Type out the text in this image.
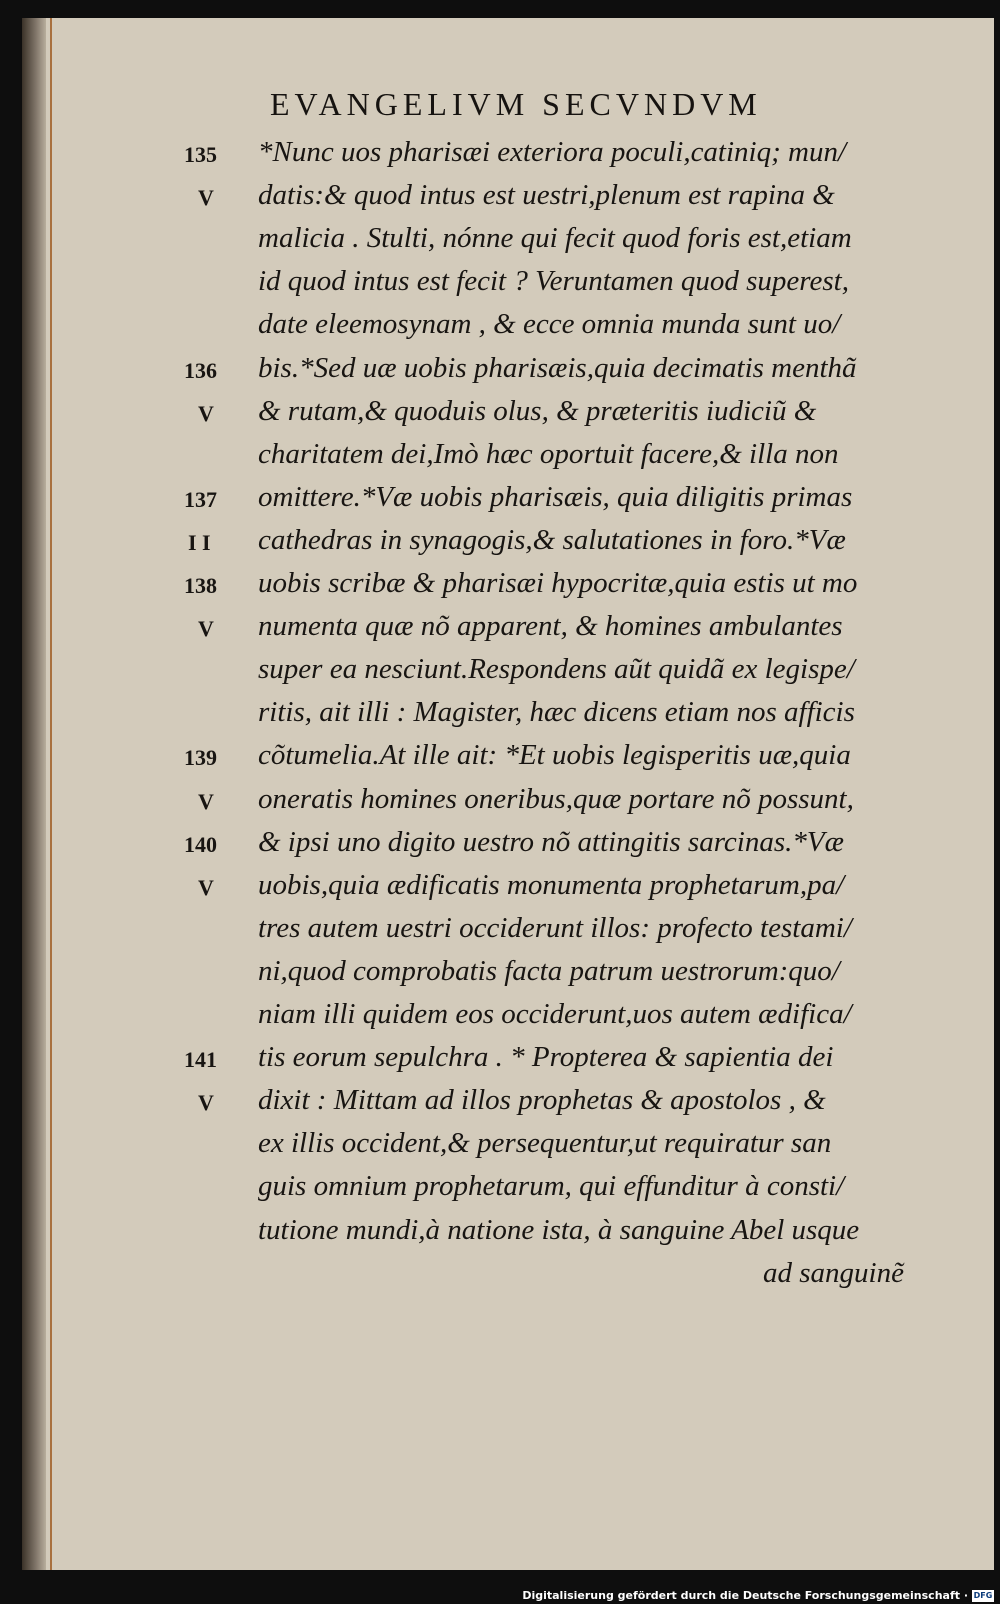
EVANGELIVM SECVNDVM
*Nunc uos pharisæi exteriora poculi,catiniq; mun/
datis:& quod intus est uestri,plenum est rapina &
malicia . Stulti, nónne qui fecit quod foris est,etiam
id quod intus est fecit ? Veruntamen quod superest,
date eleemosynam , & ecce omnia munda sunt uo/
bis.*Sed uæ uobis pharisæis,quia decimatis menthã
& rutam,& quoduis olus, & præteritis iudiciũ &
charitatem dei,Imò hæc oportuit facere,& illa non
omittere.*Væ uobis pharisæis, quia diligitis primas
cathedras in synagogis,& salutationes in foro.*Væ
uobis scribæ & pharisæi hypocritæ,quia estis ut mo
numenta quæ nõ apparent, & homines ambulantes
super ea nesciunt.Respondens aũt quidã ex legispe/
ritis, ait illi : Magister, hæc dicens etiam nos afficis
cõtumelia.At ille ait: *Et uobis legisperitis uæ,quia
oneratis homines oneribus,quæ portare nõ possunt,
& ipsi uno digito uestro nõ attingitis sarcinas.*Væ
uobis,quia ædificatis monumenta prophetarum,pa/
tres autem uestri occiderunt illos: profecto testami/
ni,quod comprobatis facta patrum uestrorum:quo/
niam illi quidem eos occiderunt,uos autem ædifica/
tis eorum sepulchra . * Propterea & sapientia dei
dixit : Mittam ad illos prophetas & apostolos , &
ex illis occident,& persequentur,ut requiratur san
guis omnium prophetarum, qui effunditur à consti/
tutione mundi,à natione ista, à sanguine Abel usque
ad sanguinẽ
135
V
136
V
137
I I
138
V
139
V
140
V
141
V
Digitalisierung gefördert durch die Deutsche Forschungsgemeinschaft · DFG
